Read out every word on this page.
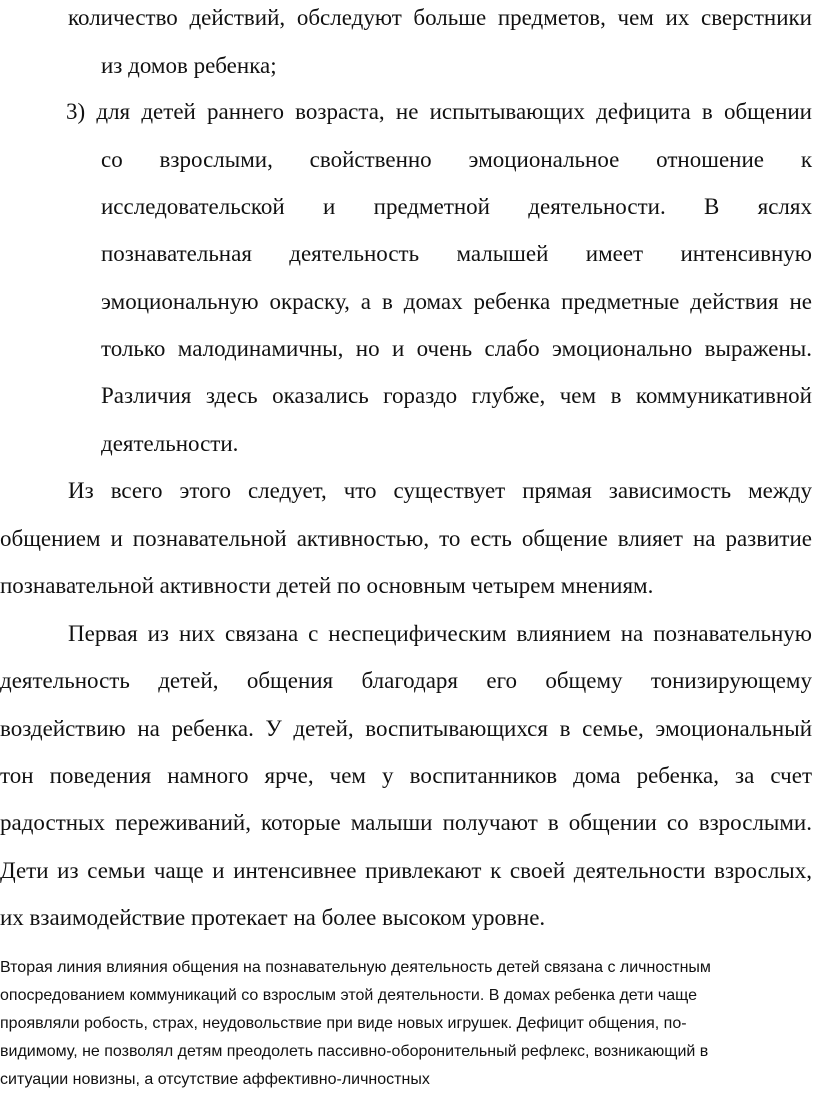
количество действий, обследуют больше предметов, чем их сверстники
из домов ребенка;
3) для детей раннего возраста, не испытывающих дефицита в общении
со взрослыми, свойственно эмоциональное отношение к
исследовательской и предметной деятельности. В яслях
познавательная деятельность малышей имеет интенсивную
эмоциональную окраску, а в домах ребенка предметные действия не
только малодинамичны, но и очень слабо эмоционально выражены.
Различия здесь оказались гораздо глубже, чем в коммуникативной
деятельности.
Из всего этого следует, что существует прямая зависимость между
общением и познавательной активностью, то есть общение влияет на развитие
познавательной активности детей по основным четырем мнениям.
Первая из них связана с неспецифическим влиянием на познавательную
деятельность детей, общения благодаря его общему тонизирующему
воздействию на ребенка. У детей, воспитывающихся в семье, эмоциональный
тон поведения намного ярче, чем у воспитанников дома ребенка, за счет
радостных переживаний, которые малыши получают в общении со взрослыми.
Дети из семьи чаще и интенсивнее привлекают к своей деятельности взрослых,
их взаимодействие протекает на более высоком уровне.
Вторая линия влияния общения на познавательную деятельность детей связана с личностным
опосредованием коммуникаций со взрослым этой деятельности. В домах ребенка дети чаще
проявляли робость, страх, неудовольствие при виде новых игрушек. Дефицит общения, по-
видимому, не позволял детям преодолеть пассивно-оборонительный рефлекс, возникающий в
ситуации новизны, а отсутствие аффективно-личностных
